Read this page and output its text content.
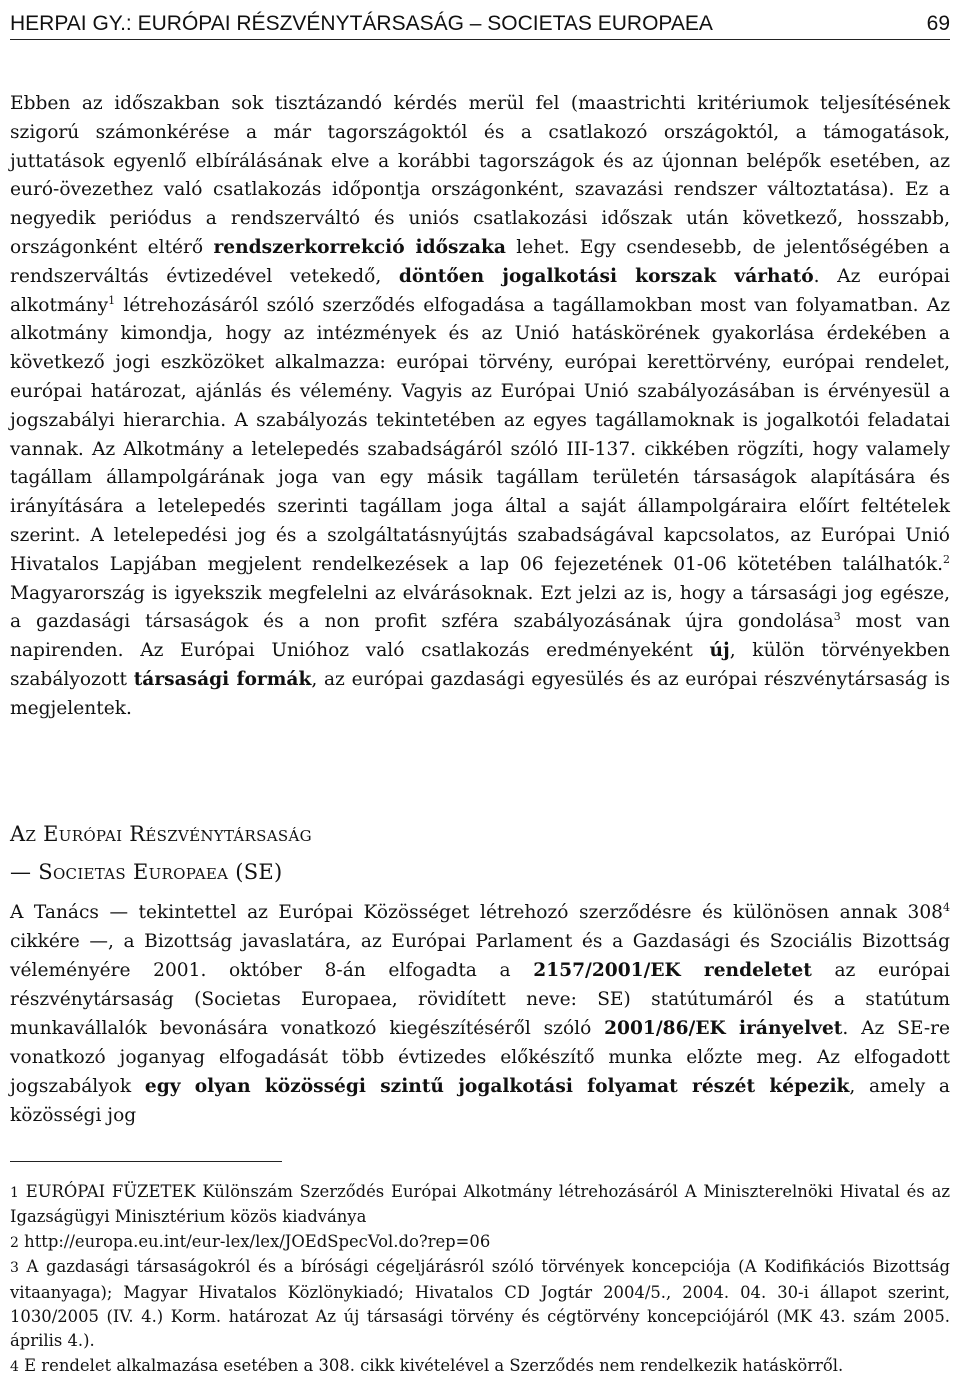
HERPAI GY.: EURÓPAI RÉSZVÉNYTÁRSASÁG – SOCIETAS EUROPAEA	69

Ebben az időszakban sok tisztázandó kérdés merül fel (maastrichti kritériumok teljesítésének szigorú számonkérése a már tagországoktól és a csatlakozó országoktól, a támogatások, juttatások egyenlő elbírálásának elve a korábbi tagországok és az újonnan belépők esetében, az euró-övezethez való csatlakozás időpontja országonként, szavazási rendszer változtatása). Ez a negyedik periódus a rendszerváltó és uniós csatlakozási időszak után következő, hosszabb, országonként eltérő rendszerkorrekció időszaka lehet. Egy csendesebb, de jelentőségében a rendszerváltás évtizedével vetekedő, döntően jogalkotási korszak várható. Az európai alkotmány$^1$ létrehozásáról szóló szerződés elfogadása a tagállamokban most van folyamatban. Az alkotmány kimondja, hogy az intézmények és az Unió hatáskörének gyakorlása érdekében a következő jogi eszközöket alkalmazza: európai törvény, európai kerettörvény, európai rendelet, európai határozat, ajánlás és vélemény. Vagyis az Európai Unió szabályozásában is érvényesül a jogszabályi hierarchia. A szabályozás tekintetében az egyes tagállamoknak is jogalkotói feladatai vannak. Az Alkotmány a letelepedés szabadságáról szóló III-137. cikkében rögzíti, hogy valamely tagállam állampolgárának joga van egy másik tagállam területén társaságok alapítására és irányítására a letelepedés szerinti tagállam joga által a saját állampolgáraira előírt feltételek szerint. A letelepedési jog és a szolgáltatásnyújtás szabadságával kapcsolatos, az Európai Unió Hivatalos Lapjában megjelent rendelkezések a lap 06 fejezetének 01-06 kötetében találhatók.$^2$ Magyarország is igyekszik megfelelni az elvárásoknak. Ezt jelzi az is, hogy a társasági jog egésze, a gazdasági társaságok és a non profit szféra szabályozásának újra gondolása$^3$ most van napirenden. Az Európai Unióhoz való csatlakozás eredményeként új, külön törvényekben szabályozott társasági formák, az európai gazdasági egyesülés és az európai részvénytársaság is megjelentek.

Az Európai Részvénytársaság
— Societas Europaea (SE)

A Tanács — tekintettel az Európai Közösséget létrehozó szerződésre és különösen annak $308^4$ cikkére —, a Bizottság javaslatára, az Európai Parlament és a Gazdasági és Szociális Bizottság véleményére 2001. október 8-án elfogadta a 2157/2001/EK rendeletet az európai részvénytársaság (Societas Europaea, rövidített neve: SE) statútumáról és a statútum munkavállalók bevonására vonatkozó kiegészítéséről szóló 2001/86/EK irányelvet. Az SE-re vonatkozó joganyag elfogadását több évtizedes előkészítő munka előzte meg. Az elfogadott jogszabályok egy olyan közösségi szintű jogalkotási folyamat részét képezik, amely a közösségi jog

1 EURÓPAI FÜZETEK Különszám Szerződés Európai Alkotmány létrehozásáról A Miniszterelnöki Hivatal és az Igazságügyi Minisztérium közös kiadványa

2 http://europa.eu.int/eur-lex/lex/JOEdSpecVol.do?rep=06

3 A gazdasági társaságokról és a bírósági cégeljárásról szóló törvények koncepciója (A Kodifikációs Bizottság vitaanyaga); Magyar Hivatalos Közlönykiadó; Hivatalos CD Jogtár 2004/5., 2004. 04. 30-i állapot szerint, 1030/2005 (IV. 4.) Korm. határozat Az új társasági törvény és cégtörvény koncepciójáról (MK 43. szám 2005. április 4.).

4 E rendelet alkalmazása esetében a 308. cikk kivételével a Szerződés nem rendelkezik hatáskörről.
